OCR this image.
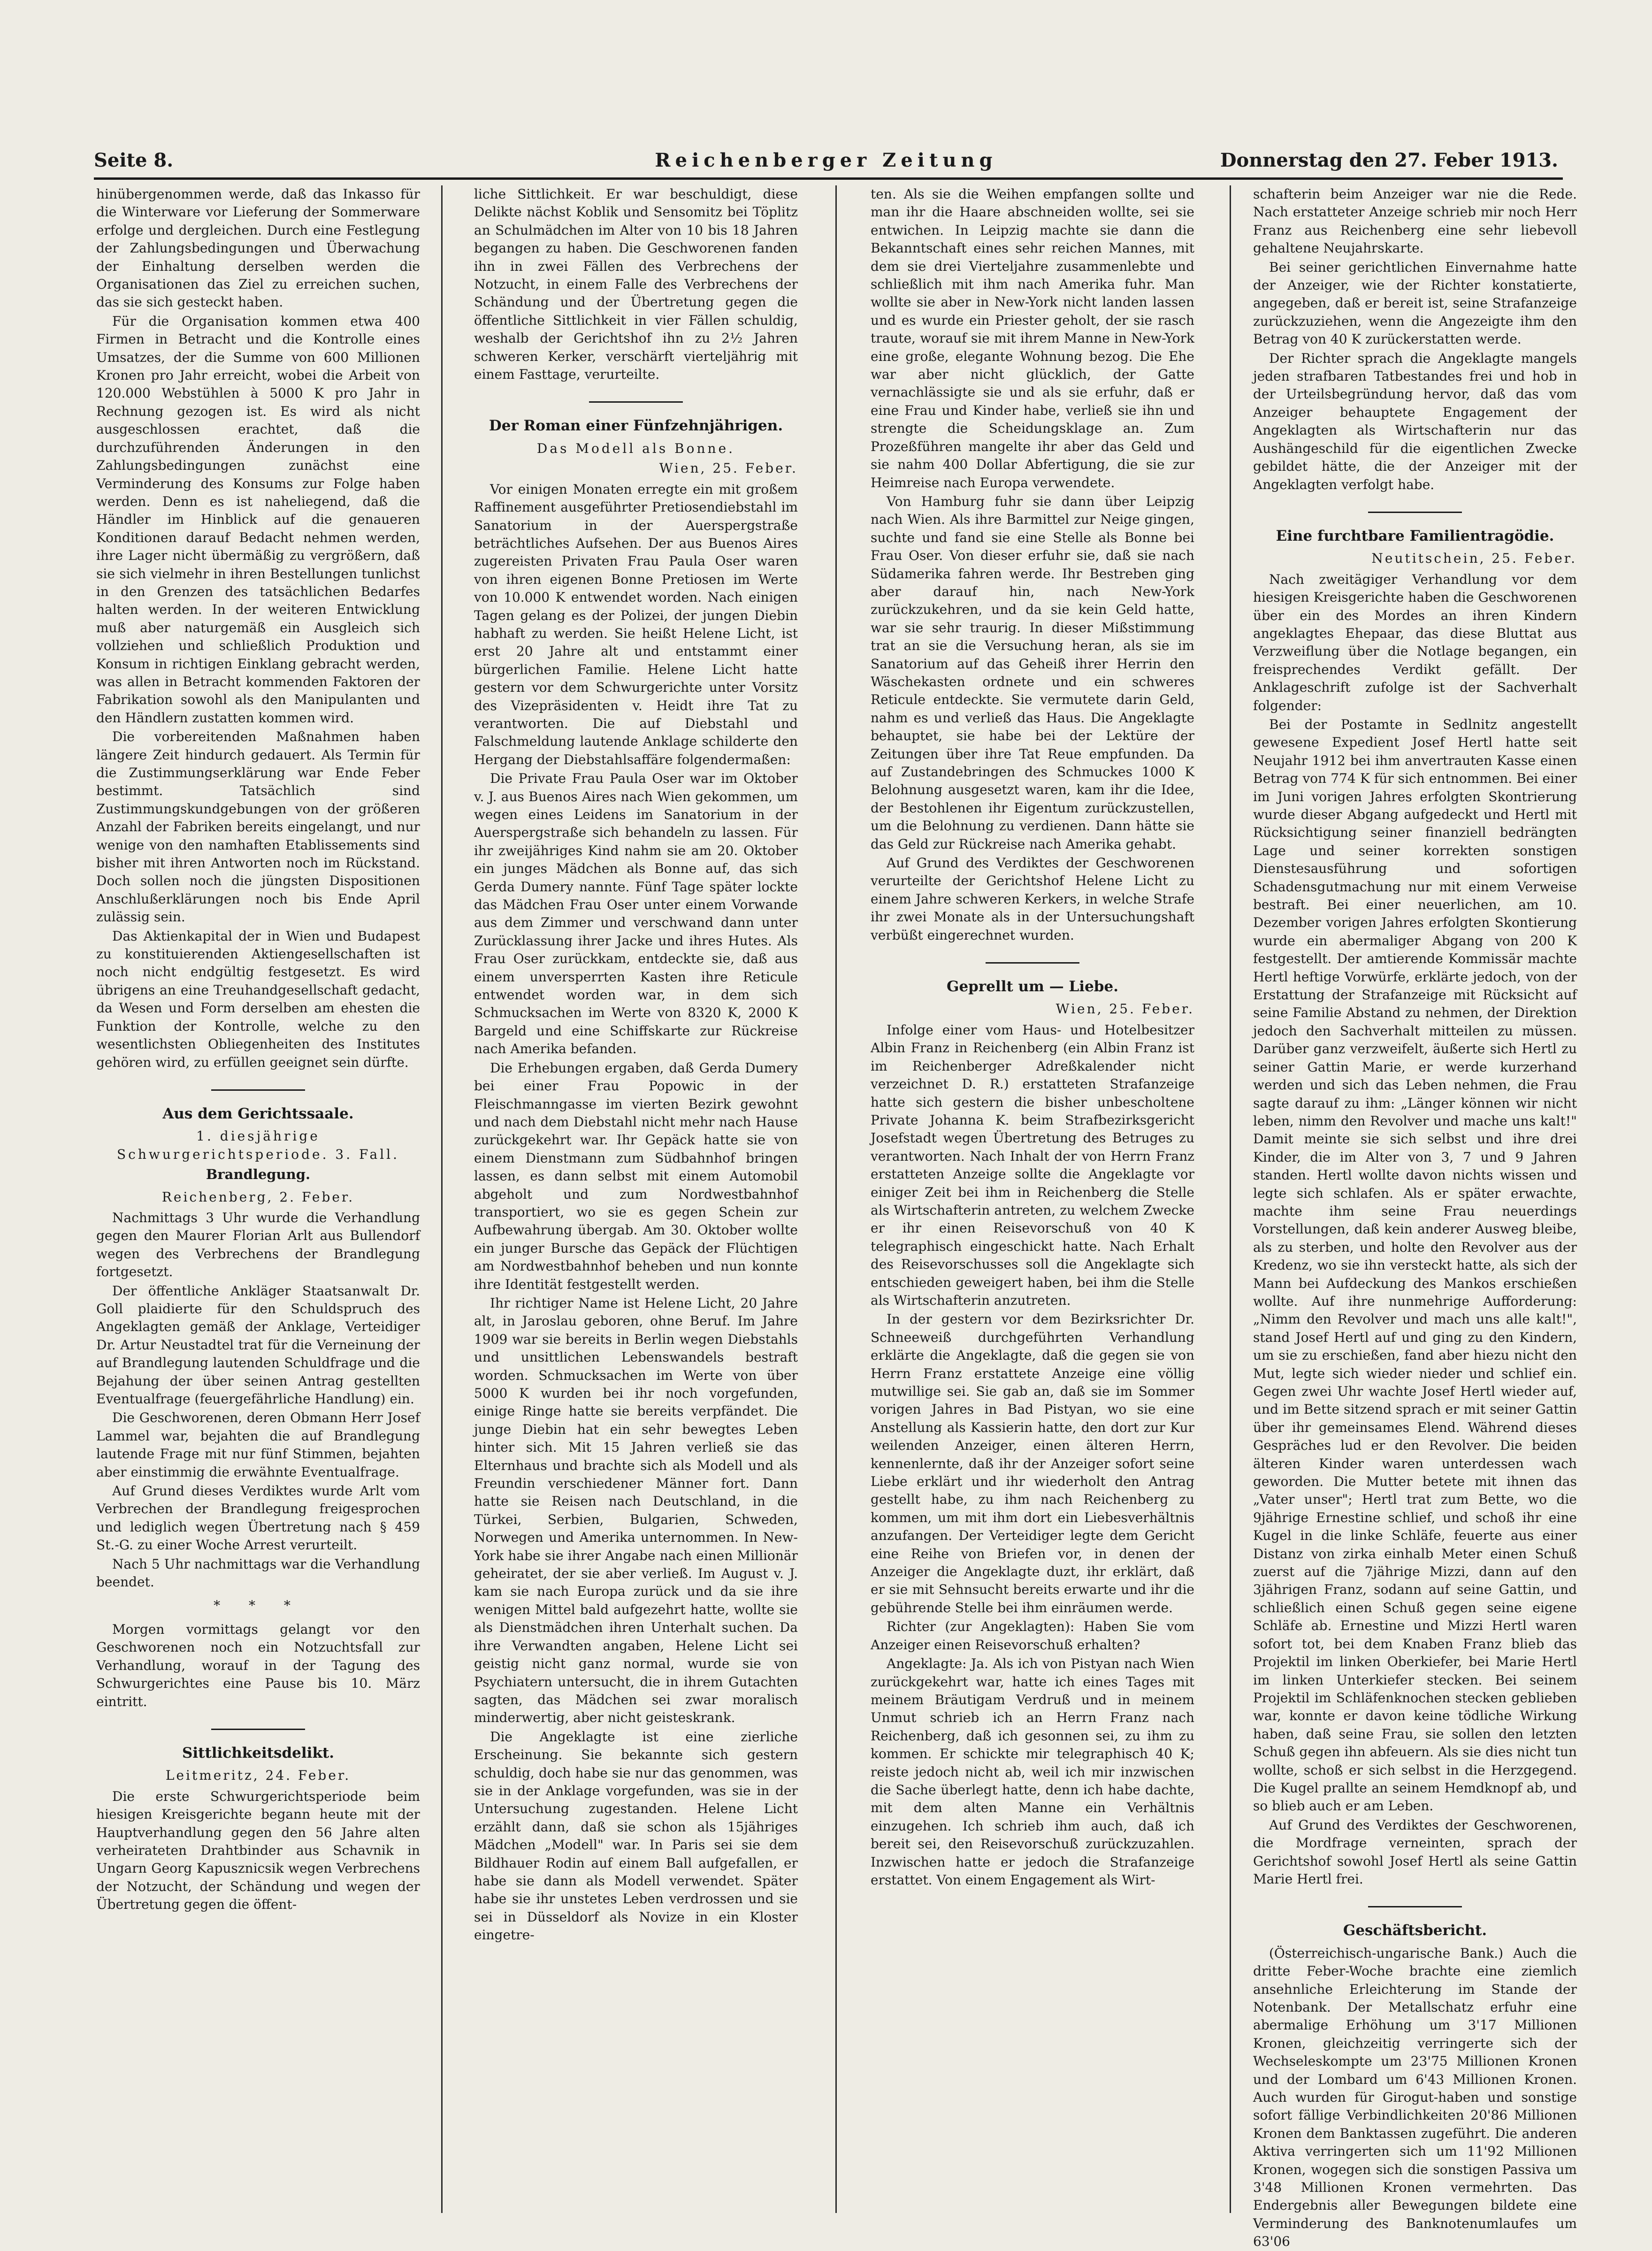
Seite 8.	Reichenberger Zeitung	Donnerstag den 27. Feber 1913.

hinübergenommen werde, daß das Inkasso für die Winterware vor Lieferung der Sommerware erfolge und dergleichen. Durch eine Festlegung der Zahlungsbedingungen und Überwachung der Einhaltung derselben werden die Organisationen das Ziel zu erreichen suchen, das sie sich gesteckt haben.

Für die Organisation kommen etwa 400 Firmen in Betracht und die Kontrolle eines Umsatzes, der die Summe von 600 Millionen Kronen pro Jahr erreicht, wobei die Arbeit von 120.000 Webstühlen à 5000 K pro Jahr in Rechnung gezogen ist. Es wird als nicht ausgeschlossen erachtet, daß die durchzuführenden Änderungen in den Zahlungsbedingungen zunächst eine Verminderung des Konsums zur Folge haben werden. Denn es ist naheliegend, daß die Händler im Hinblick auf die genaueren Konditionen darauf Bedacht nehmen werden, ihre Lager nicht übermäßig zu vergrößern, daß sie sich vielmehr in ihren Bestellungen tunlichst in den Grenzen des tatsächlichen Bedarfes halten werden. In der weiteren Entwicklung muß aber naturgemäß ein Ausgleich sich vollziehen und schließlich Produktion und Konsum in richtigen Einklang gebracht werden, was allen in Betracht kommenden Faktoren der Fabrikation sowohl als den Manipulanten und den Händlern zustatten kommen wird.

Die vorbereitenden Maßnahmen haben längere Zeit hindurch gedauert. Als Termin für die Zustimmungserklärung war Ende Feber bestimmt. Tatsächlich sind Zustimmungskundgebungen von der größeren Anzahl der Fabriken bereits eingelangt, und nur wenige von den namhaften Etablissements sind bisher mit ihren Antworten noch im Rückstand. Doch sollen noch die jüngsten Dispositionen Anschlußerklärungen noch bis Ende April zulässig sein.

Das Aktienkapital der in Wien und Budapest zu konstituierenden Aktiengesellschaften ist noch nicht endgültig festgesetzt. Es wird übrigens an eine Treuhandgesellschaft gedacht, da Wesen und Form derselben am ehesten die Funktion der Kontrolle, welche zu den wesentlichsten Obliegenheiten des Institutes gehören wird, zu erfüllen geeignet sein dürfte.

Aus dem Gerichtssaale.
1. diesjährige Schwurgerichtsperiode. 3. Fall.
Brandlegung.
Reichenberg, 2. Feber.

Nachmittags 3 Uhr wurde die Verhandlung gegen den Maurer Florian Arlt aus Bullendorf wegen des Verbrechens der Brandlegung fortgesetzt.

Der öffentliche Ankläger Staatsanwalt Dr. Goll plaidierte für den Schuldspruch des Angeklagten gemäß der Anklage, Verteidiger Dr. Artur Neustadtel trat für die Verneinung der auf Brandlegung lautenden Schuldfrage und die Bejahung der über seinen Antrag gestellten Eventualfrage (feuergefährliche Handlung) ein.

Die Geschworenen, deren Obmann Herr Josef Lammel war, bejahten die auf Brandlegung lautende Frage mit nur fünf Stimmen, bejahten aber einstimmig die erwähnte Eventualfrage.

Auf Grund dieses Verdiktes wurde Arlt vom Verbrechen der Brandlegung freigesprochen und lediglich wegen Übertretung nach § 459 St.-G. zu einer Woche Arrest verurteilt.

Nach 5 Uhr nachmittags war die Verhandlung beendet.

* * *

Morgen vormittags gelangt vor den Geschworenen noch ein Notzuchtsfall zur Verhandlung, worauf in der Tagung des Schwurgerichtes eine Pause bis 10. März eintritt.

Sittlichkeitsdelikt.
Leitmeritz, 24. Feber.

Die erste Schwurgerichtsperiode beim hiesigen Kreisgerichte begann heute mit der Hauptverhandlung gegen den 56 Jahre alten verheirateten Drahtbinder aus Schavnik in Ungarn Georg Kapusznicsik wegen Verbrechens der Notzucht, der Schändung und wegen der Übertretung gegen die öffent-

liche Sittlichkeit. Er war beschuldigt, diese Delikte nächst Koblik und Sensomitz bei Töplitz an Schulmädchen im Alter von 10 bis 18 Jahren begangen zu haben. Die Geschworenen fanden ihn in zwei Fällen des Verbrechens der Notzucht, in einem Falle des Verbrechens der Schändung und der Übertretung gegen die öffentliche Sittlichkeit in vier Fällen schuldig, weshalb der Gerichtshof ihn zu 2½ Jahren schweren Kerker, verschärft vierteljährig mit einem Fasttage, verurteilte.

Der Roman einer Fünfzehnjährigen.
Das Modell als Bonne.
Wien, 25. Feber.

Vor einigen Monaten erregte ein mit großem Raffinement ausgeführter Pretiosendiebstahl im Sanatorium in der Auerspergstraße beträchtliches Aufsehen. Der aus Buenos Aires zugereisten Privaten Frau Paula Oser waren von ihren eigenen Bonne Pretiosen im Werte von 10.000 K entwendet worden. Nach einigen Tagen gelang es der Polizei, der jungen Diebin habhaft zu werden. Sie heißt Helene Licht, ist erst 20 Jahre alt und entstammt einer bürgerlichen Familie. Helene Licht hatte gestern vor dem Schwurgerichte unter Vorsitz des Vizepräsidenten v. Heidt ihre Tat zu verantworten. Die auf Diebstahl und Falschmeldung lautende Anklage schilderte den Hergang der Diebstahlsaffäre folgendermaßen:

Die Private Frau Paula Oser war im Oktober v. J. aus Buenos Aires nach Wien gekommen, um wegen eines Leidens im Sanatorium in der Auerspergstraße sich behandeln zu lassen. Für ihr zweijähriges Kind nahm sie am 20. Oktober ein junges Mädchen als Bonne auf, das sich Gerda Dumery nannte. Fünf Tage später lockte das Mädchen Frau Oser unter einem Vorwande aus dem Zimmer und verschwand dann unter Zurücklassung ihrer Jacke und ihres Hutes. Als Frau Oser zurückkam, entdeckte sie, daß aus einem unversperrten Kasten ihre Reticule entwendet worden war, in dem sich Schmucksachen im Werte von 8320 K, 2000 K Bargeld und eine Schiffskarte zur Rückreise nach Amerika befanden.

Die Erhebungen ergaben, daß Gerda Dumery bei einer Frau Popowic in der Fleischmanngasse im vierten Bezirk gewohnt und nach dem Diebstahl nicht mehr nach Hause zurückgekehrt war. Ihr Gepäck hatte sie von einem Dienstmann zum Südbahnhof bringen lassen, es dann selbst mit einem Automobil abgeholt und zum Nordwestbahnhof transportiert, wo sie es gegen Schein zur Aufbewahrung übergab. Am 30. Oktober wollte ein junger Bursche das Gepäck der Flüchtigen am Nordwestbahnhof beheben und nun konnte ihre Identität festgestellt werden.

Ihr richtiger Name ist Helene Licht, 20 Jahre alt, in Jaroslau geboren, ohne Beruf. Im Jahre 1909 war sie bereits in Berlin wegen Diebstahls und unsittlichen Lebenswandels bestraft worden. Schmucksachen im Werte von über 5000 K wurden bei ihr noch vorgefunden, einige Ringe hatte sie bereits verpfändet. Die junge Diebin hat ein sehr bewegtes Leben hinter sich. Mit 15 Jahren verließ sie das Elternhaus und brachte sich als Modell und als Freundin verschiedener Männer fort. Dann hatte sie Reisen nach Deutschland, in die Türkei, Serbien, Bulgarien, Schweden, Norwegen und Amerika unternommen. In New-York habe sie ihrer Angabe nach einen Millionär geheiratet, der sie aber verließ. Im August v. J. kam sie nach Europa zurück und da sie ihre wenigen Mittel bald aufgezehrt hatte, wollte sie als Dienstmädchen ihren Unterhalt suchen. Da ihre Verwandten angaben, Helene Licht sei geistig nicht ganz normal, wurde sie von Psychiatern untersucht, die in ihrem Gutachten sagten, das Mädchen sei zwar moralisch minderwertig, aber nicht geisteskrank.

Die Angeklagte ist eine zierliche Erscheinung. Sie bekannte sich gestern schuldig, doch habe sie nur das genommen, was sie in der Anklage vorgefunden, was sie in der Untersuchung zugestanden. Helene Licht erzählt dann, daß sie schon als 15jähriges Mädchen „Modell" war. In Paris sei sie dem Bildhauer Rodin auf einem Ball aufgefallen, er habe sie dann als Modell verwendet. Später habe sie ihr unstetes Leben verdrossen und sie sei in Düsseldorf als Novize in ein Kloster eingetre-

ten. Als sie die Weihen empfangen sollte und man ihr die Haare abschneiden wollte, sei sie entwichen. In Leipzig machte sie dann die Bekanntschaft eines sehr reichen Mannes, mit dem sie drei Vierteljahre zusammenlebte und schließlich mit ihm nach Amerika fuhr. Man wollte sie aber in New-York nicht landen lassen und es wurde ein Priester geholt, der sie rasch traute, worauf sie mit ihrem Manne in New-York eine große, elegante Wohnung bezog. Die Ehe war aber nicht glücklich, der Gatte vernachlässigte sie und als sie erfuhr, daß er eine Frau und Kinder habe, verließ sie ihn und strengte die Scheidungsklage an. Zum Prozeßführen mangelte ihr aber das Geld und sie nahm 400 Dollar Abfertigung, die sie zur Heimreise nach Europa verwendete.

Von Hamburg fuhr sie dann über Leipzig nach Wien. Als ihre Barmittel zur Neige gingen, suchte und fand sie eine Stelle als Bonne bei Frau Oser. Von dieser erfuhr sie, daß sie nach Südamerika fahren werde. Ihr Bestreben ging aber darauf hin, nach New-York zurückzukehren, und da sie kein Geld hatte, war sie sehr traurig. In dieser Mißstimmung trat an sie die Versuchung heran, als sie im Sanatorium auf das Geheiß ihrer Herrin den Wäschekasten ordnete und ein schweres Reticule entdeckte. Sie vermutete darin Geld, nahm es und verließ das Haus. Die Angeklagte behauptet, sie habe bei der Lektüre der Zeitungen über ihre Tat Reue empfunden. Da auf Zustandebringen des Schmuckes 1000 K Belohnung ausgesetzt waren, kam ihr die Idee, der Bestohlenen ihr Eigentum zurückzustellen, um die Belohnung zu verdienen. Dann hätte sie das Geld zur Rückreise nach Amerika gehabt.

Auf Grund des Verdiktes der Geschworenen verurteilte der Gerichtshof Helene Licht zu einem Jahre schweren Kerkers, in welche Strafe ihr zwei Monate als in der Untersuchungshaft verbüßt eingerechnet wurden.

Geprellt um — Liebe.
Wien, 25. Feber.

Infolge einer vom Haus- und Hotelbesitzer Albin Franz in Reichenberg (ein Albin Franz ist im Reichenberger Adreßkalender nicht verzeichnet D. R.) erstatteten Strafanzeige hatte sich gestern die bisher unbescholtene Private Johanna K. beim Strafbezirksgericht Josefstadt wegen Übertretung des Betruges zu verantworten. Nach Inhalt der von Herrn Franz erstatteten Anzeige sollte die Angeklagte vor einiger Zeit bei ihm in Reichenberg die Stelle als Wirtschafterin antreten, zu welchem Zwecke er ihr einen Reisevorschuß von 40 K telegraphisch eingeschickt hatte. Nach Erhalt des Reisevorschusses soll die Angeklagte sich entschieden geweigert haben, bei ihm die Stelle als Wirtschafterin anzutreten.

In der gestern vor dem Bezirksrichter Dr. Schneeweiß durchgeführten Verhandlung erklärte die Angeklagte, daß die gegen sie von Herrn Franz erstattete Anzeige eine völlig mutwillige sei. Sie gab an, daß sie im Sommer vorigen Jahres in Bad Pistyan, wo sie eine Anstellung als Kassierin hatte, den dort zur Kur weilenden Anzeiger, einen älteren Herrn, kennenlernte, daß ihr der Anzeiger sofort seine Liebe erklärt und ihr wiederholt den Antrag gestellt habe, zu ihm nach Reichenberg zu kommen, um mit ihm dort ein Liebesverhältnis anzufangen. Der Verteidiger legte dem Gericht eine Reihe von Briefen vor, in denen der Anzeiger die Angeklagte duzt, ihr erklärt, daß er sie mit Sehnsucht bereits erwarte und ihr die gebührende Stelle bei ihm einräumen werde.

Richter (zur Angeklagten): Haben Sie vom Anzeiger einen Reisevorschuß erhalten?

Angeklagte: Ja. Als ich von Pistyan nach Wien zurückgekehrt war, hatte ich eines Tages mit meinem Bräutigam Verdruß und in meinem Unmut schrieb ich an Herrn Franz nach Reichenberg, daß ich gesonnen sei, zu ihm zu kommen. Er schickte mir telegraphisch 40 K; reiste jedoch nicht ab, weil ich mir inzwischen die Sache überlegt hatte, denn ich habe dachte, mit dem alten Manne ein Verhältnis einzugehen. Ich schrieb ihm auch, daß ich bereit sei, den Reisevorschuß zurückzuzahlen. Inzwischen hatte er jedoch die Strafanzeige erstattet. Von einem Engagement als Wirt-

schafterin beim Anzeiger war nie die Rede. Nach erstatteter Anzeige schrieb mir noch Herr Franz aus Reichenberg eine sehr liebevoll gehaltene Neujahrskarte.

Bei seiner gerichtlichen Einvernahme hatte der Anzeiger, wie der Richter konstatierte, angegeben, daß er bereit ist, seine Strafanzeige zurückzuziehen, wenn die Angezeigte ihm den Betrag von 40 K zurückerstatten werde.

Der Richter sprach die Angeklagte mangels jeden strafbaren Tatbestandes frei und hob in der Urteilsbegründung hervor, daß das vom Anzeiger behauptete Engagement der Angeklagten als Wirtschafterin nur das Aushängeschild für die eigentlichen Zwecke gebildet hätte, die der Anzeiger mit der Angeklagten verfolgt habe.

Eine furchtbare Familientragödie.
Neutitschein, 25. Feber.

Nach zweitägiger Verhandlung vor dem hiesigen Kreisgerichte haben die Geschworenen über ein des Mordes an ihren Kindern angeklagtes Ehepaar, das diese Bluttat aus Verzweiflung über die Notlage begangen, ein freisprechendes Verdikt gefällt. Der Anklageschrift zufolge ist der Sachverhalt folgender:

Bei der Postamte in Sedlnitz angestellt gewesene Expedient Josef Hertl hatte seit Neujahr 1912 bei ihm anvertrauten Kasse einen Betrag von 774 K für sich entnommen. Bei einer im Juni vorigen Jahres erfolgten Skontrierung wurde dieser Abgang aufgedeckt und Hertl mit Rücksichtigung seiner finanziell bedrängten Lage und seiner korrekten sonstigen Dienstesausführung und sofortigen Schadensgutmachung nur mit einem Verweise bestraft. Bei einer neuerlichen, am 10. Dezember vorigen Jahres erfolgten Skontierung wurde ein abermaliger Abgang von 200 K festgestellt. Der amtierende Kommissär machte Hertl heftige Vorwürfe, erklärte jedoch, von der Erstattung der Strafanzeige mit Rücksicht auf seine Familie Abstand zu nehmen, der Direktion jedoch den Sachverhalt mitteilen zu müssen. Darüber ganz verzweifelt, äußerte sich Hertl zu seiner Gattin Marie, er werde kurzerhand werden und sich das Leben nehmen, die Frau sagte darauf zu ihm: „Länger können wir nicht leben, nimm den Revolver und mache uns kalt!" Damit meinte sie sich selbst und ihre drei Kinder, die im Alter von 3, 7 und 9 Jahren standen. Hertl wollte davon nichts wissen und legte sich schlafen. Als er später erwachte, machte ihm seine Frau neuerdings Vorstellungen, daß kein anderer Ausweg bleibe, als zu sterben, und holte den Revolver aus der Kredenz, wo sie ihn versteckt hatte, als sich der Mann bei Aufdeckung des Mankos erschießen wollte. Auf ihre nunmehrige Aufforderung: „Nimm den Revolver und mach uns alle kalt!", stand Josef Hertl auf und ging zu den Kindern, um sie zu erschießen, fand aber hiezu nicht den Mut, legte sich wieder nieder und schlief ein. Gegen zwei Uhr wachte Josef Hertl wieder auf, und im Bette sitzend sprach er mit seiner Gattin über ihr gemeinsames Elend. Während dieses Gespräches lud er den Revolver. Die beiden älteren Kinder waren unterdessen wach geworden. Die Mutter betete mit ihnen das „Vater unser"; Hertl trat zum Bette, wo die 9jährige Ernestine schlief, und schoß ihr eine Kugel in die linke Schläfe, feuerte aus einer Distanz von zirka einhalb Meter einen Schuß zuerst auf die 7jährige Mizzi, dann auf den 3jährigen Franz, sodann auf seine Gattin, und schließlich einen Schuß gegen seine eigene Schläfe ab. Ernestine und Mizzi Hertl waren sofort tot, bei dem Knaben Franz blieb das Projektil im linken Oberkiefer, bei Marie Hertl im linken Unterkiefer stecken. Bei seinem Projektil im Schläfenknochen stecken geblieben war, konnte er davon keine tödliche Wirkung haben, daß seine Frau, sie sollen den letzten Schuß gegen ihn abfeuern. Als sie dies nicht tun wollte, schoß er sich selbst in die Herzgegend. Die Kugel prallte an seinem Hemdknopf ab, und so blieb auch er am Leben.

Auf Grund des Verdiktes der Geschworenen, die Mordfrage verneinten, sprach der Gerichtshof sowohl Josef Hertl als seine Gattin Marie Hertl frei.

Geschäftsbericht.

(Österreichisch-ungarische Bank.) Auch die dritte Feber-Woche brachte eine ziemlich ansehnliche Erleichterung im Stande der Notenbank. Der Metallschatz erfuhr eine abermalige Erhöhung um 3'17 Millionen Kronen, gleichzeitig verringerte sich der Wechseleskompte um 23'75 Millionen Kronen und der Lombard um 6'43 Millionen Kronen. Auch wurden für Girogut-haben und sonstige sofort fällige Verbindlichkeiten 20'86 Millionen Kronen dem Banktassen zugeführt. Die anderen Aktiva verringerten sich um 11'92 Millionen Kronen, wogegen sich die sonstigen Passiva um 3'48 Millionen Kronen vermehrten. Das Endergebnis aller Bewegungen bildete eine Verminderung des Banknotenumlaufes um 63'06
